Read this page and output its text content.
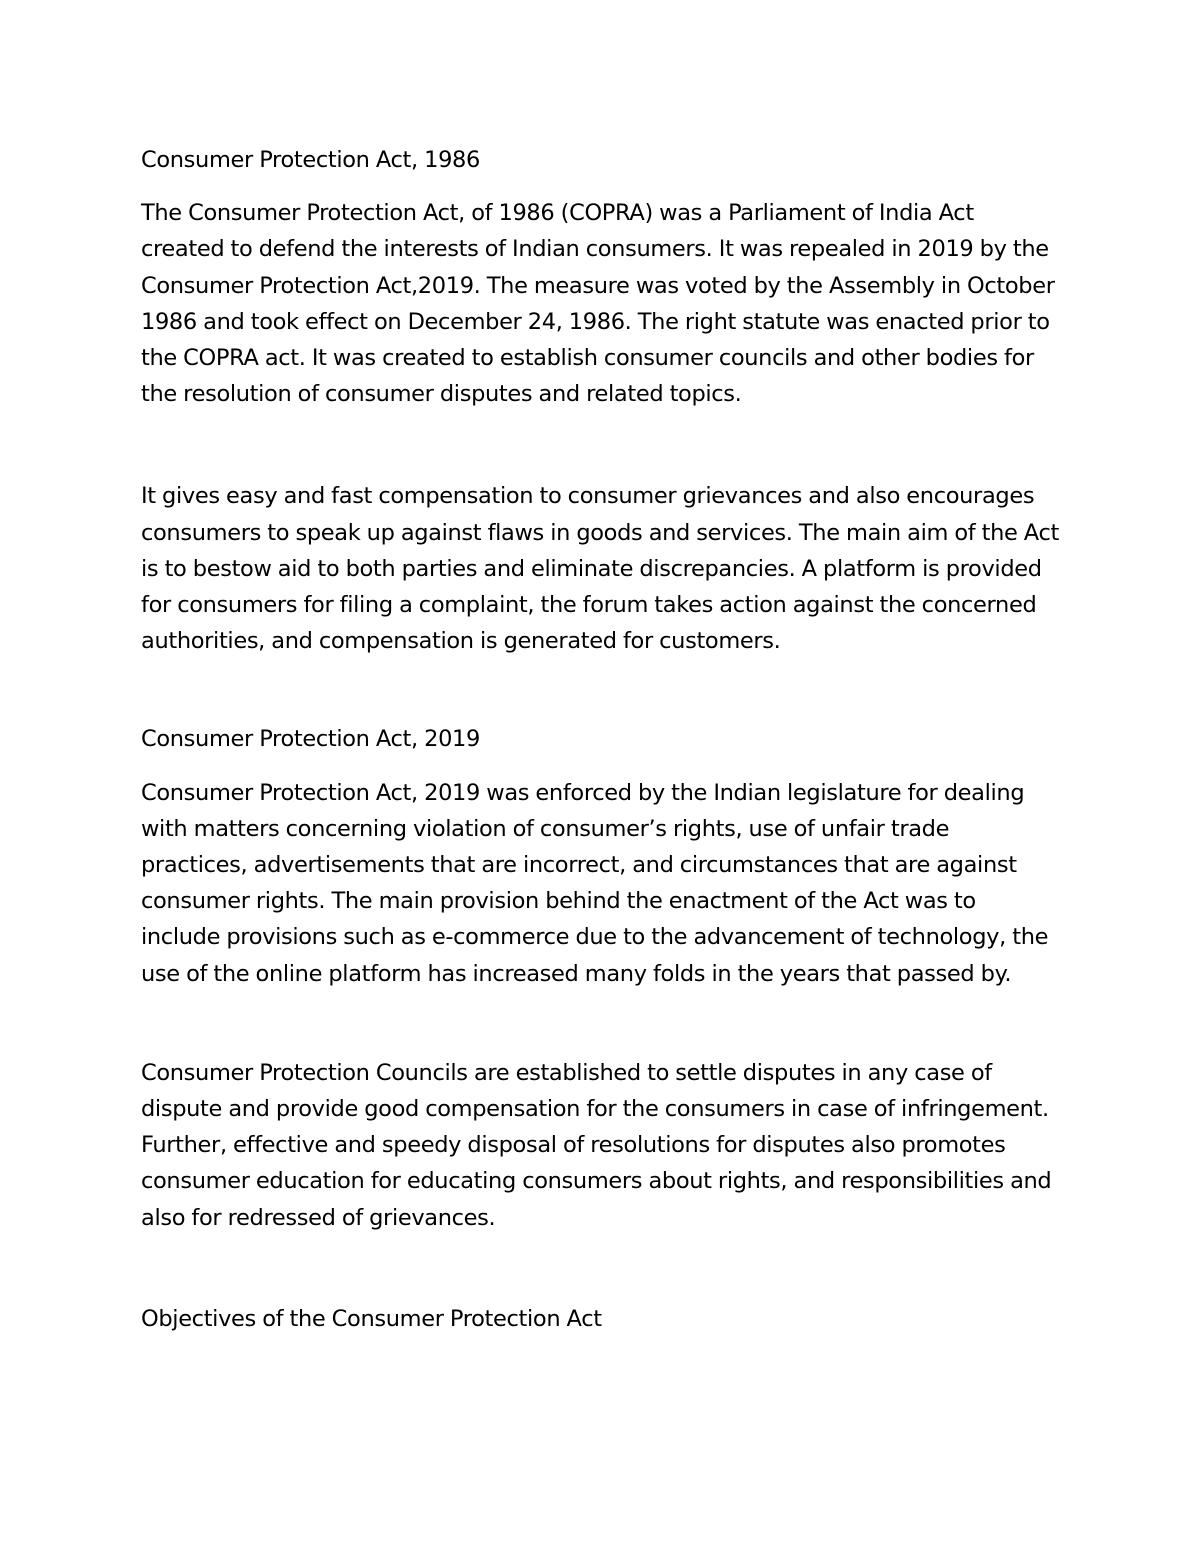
Consumer Protection Act, 1986

The Consumer Protection Act, of 1986 (COPRA) was a Parliament of India Act created to defend the interests of Indian consumers. It was repealed in 2019 by the Consumer Protection Act,2019. The measure was voted by the Assembly in October 1986 and took effect on December 24, 1986. The right statute was enacted prior to the COPRA act. It was created to establish consumer councils and other bodies for the resolution of consumer disputes and related topics.

It gives easy and fast compensation to consumer grievances and also encourages consumers to speak up against flaws in goods and services. The main aim of the Act is to bestow aid to both parties and eliminate discrepancies. A platform is provided for consumers for filing a complaint, the forum takes action against the concerned authorities, and compensation is generated for customers.

Consumer Protection Act, 2019

Consumer Protection Act, 2019 was enforced by the Indian legislature for dealing with matters concerning violation of consumer’s rights, use of unfair trade practices, advertisements that are incorrect, and circumstances that are against consumer rights. The main provision behind the enactment of the Act was to include provisions such as e-commerce due to the advancement of technology, the use of the online platform has increased many folds in the years that passed by.

Consumer Protection Councils are established to settle disputes in any case of dispute and provide good compensation for the consumers in case of infringement. Further, effective and speedy disposal of resolutions for disputes also promotes consumer education for educating consumers about rights, and responsibilities and also for redressed of grievances.

Objectives of the Consumer Protection Act
